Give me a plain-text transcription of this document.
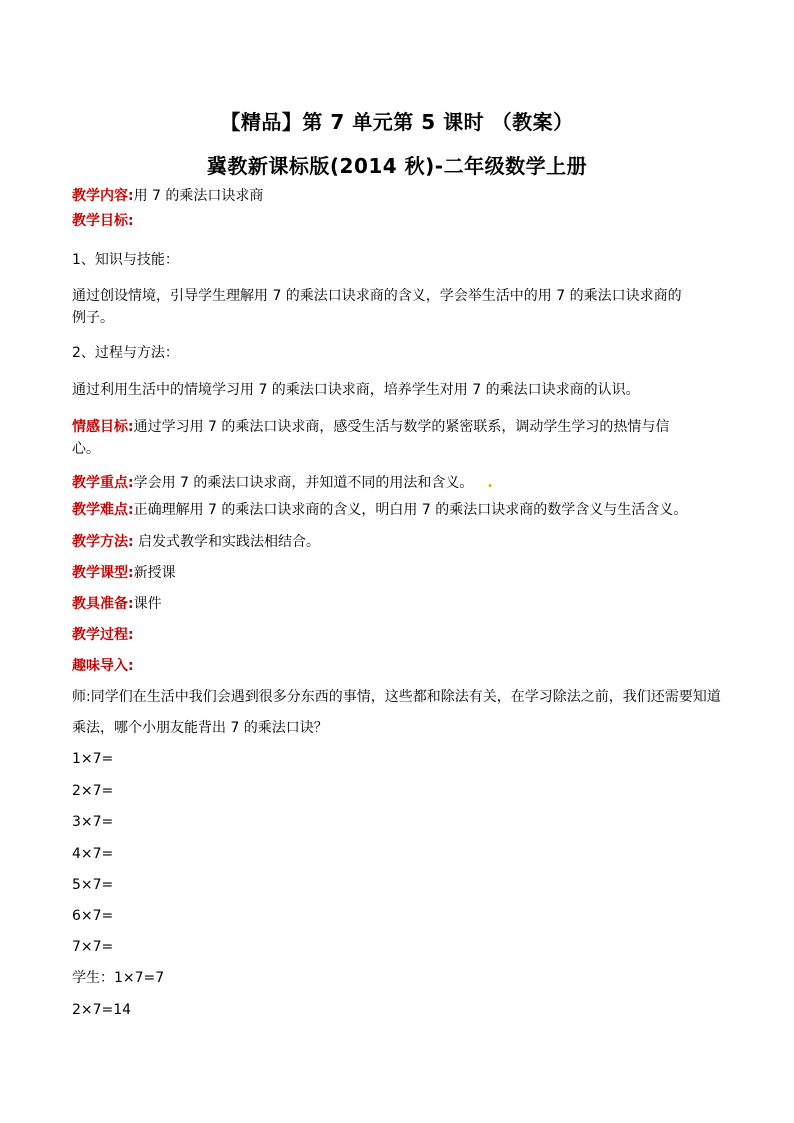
【精品】第 7 单元第 5 课时 （教案）
冀教新课标版(2014 秋)-二年级数学上册
教学内容:用 7 的乘法口诀求商
教学目标:
1、知识与技能：
通过创设情境，引导学生理解用 7 的乘法口诀求商的含义，学会举生活中的用 7 的乘法口诀求商的
例子。
2、过程与方法：
通过利用生活中的情境学习用 7 的乘法口诀求商，培养学生对用 7 的乘法口诀求商的认识。
情感目标:通过学习用 7 的乘法口诀求商，感受生活与数学的紧密联系，调动学生学习的热情与信
心。
教学重点:学会用 7 的乘法口诀求商，并知道不同的用法和含义。 .
教学难点:正确理解用 7 的乘法口诀求商的含义，明白用 7 的乘法口诀求商的数学含义与生活含义。
教学方法: 启发式教学和实践法相结合。
教学课型:新授课
教具准备:课件
教学过程:
趣味导入:
师:同学们在生活中我们会遇到很多分东西的事情，这些都和除法有关，在学习除法之前，我们还需要知道
乘法，哪个小朋友能背出 7 的乘法口诀？
1×7=
2×7=
3×7=
4×7=
5×7=
6×7=
7×7=
学生：1×7=7
2×7=14
